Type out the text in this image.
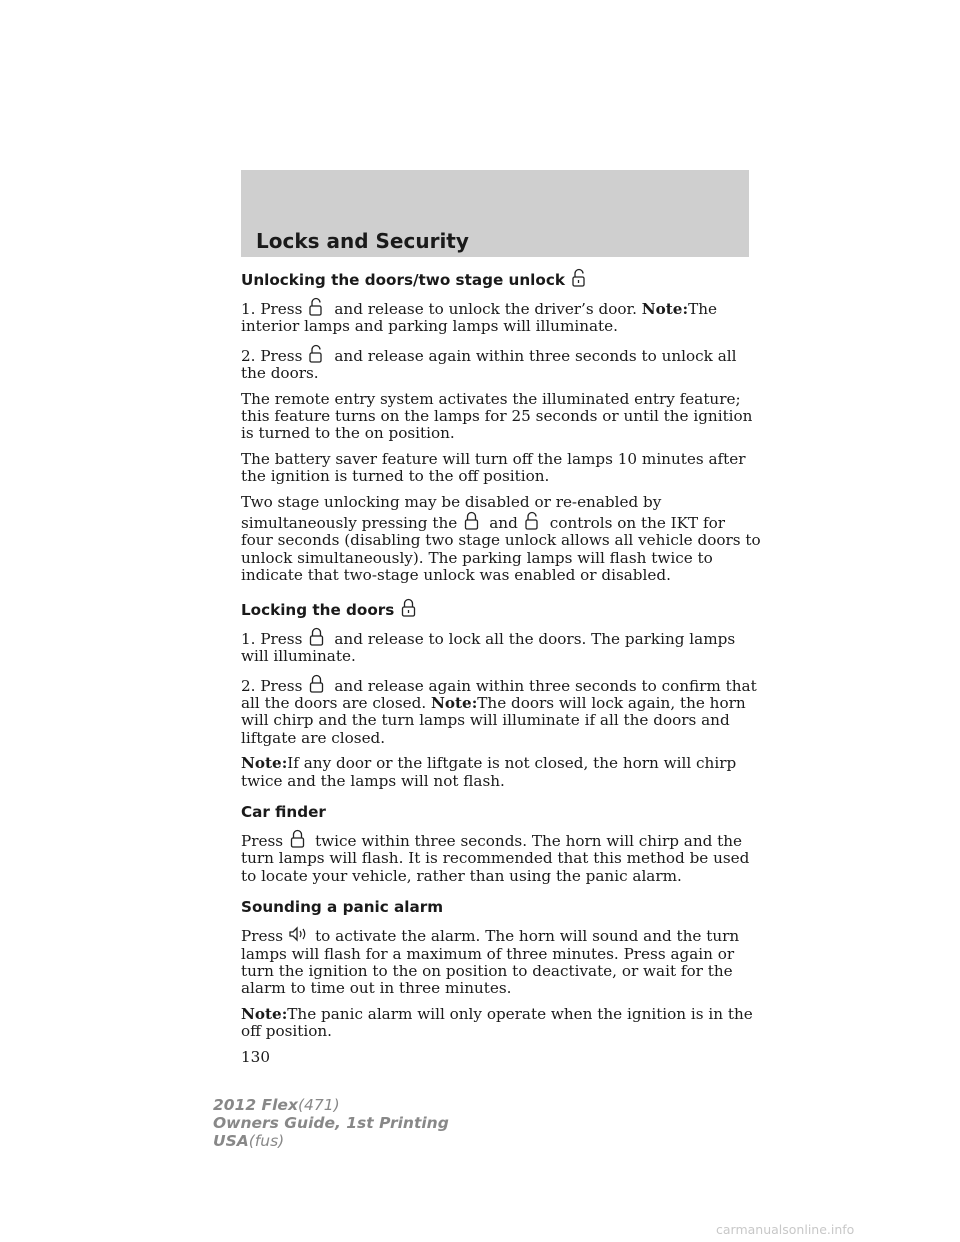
Locks and Security
Unlocking the doors/two stage unlock

1. Press and release to unlock the driver’s door. Note:The interior lamps and parking lamps will illuminate.

2. Press and release again within three seconds to unlock all the doors.

The remote entry system activates the illuminated entry feature; this feature turns on the lamps for 25 seconds or until the ignition is turned to the on position.

The battery saver feature will turn off the lamps 10 minutes after the ignition is turned to the off position.

Two stage unlocking may be disabled or re-enabled by simultaneously pressing the and controls on the IKT for four seconds (disabling two stage unlock allows all vehicle doors to unlock simultaneously). The parking lamps will flash twice to indicate that two-stage unlock was enabled or disabled.

Locking the doors

1. Press and release to lock all the doors. The parking lamps will illuminate.

2. Press and release again within three seconds to confirm that all the doors are closed. Note:The doors will lock again, the horn will chirp and the turn lamps will illuminate if all the doors and liftgate are closed.

Note:If any door or the liftgate is not closed, the horn will chirp twice and the lamps will not flash.

Car finder

Press twice within three seconds. The horn will chirp and the turn lamps will flash. It is recommended that this method be used to locate your vehicle, rather than using the panic alarm.

Sounding a panic alarm

Press to activate the alarm. The horn will sound and the turn lamps will flash for a maximum of three minutes. Press again or turn the ignition to the on position to deactivate, or wait for the alarm to time out in three minutes.

Note:The panic alarm will only operate when the ignition is in the off position.

130
2012 Flex(471)
Owners Guide, 1st Printing
USA(fus)
carmanualsonline.info
